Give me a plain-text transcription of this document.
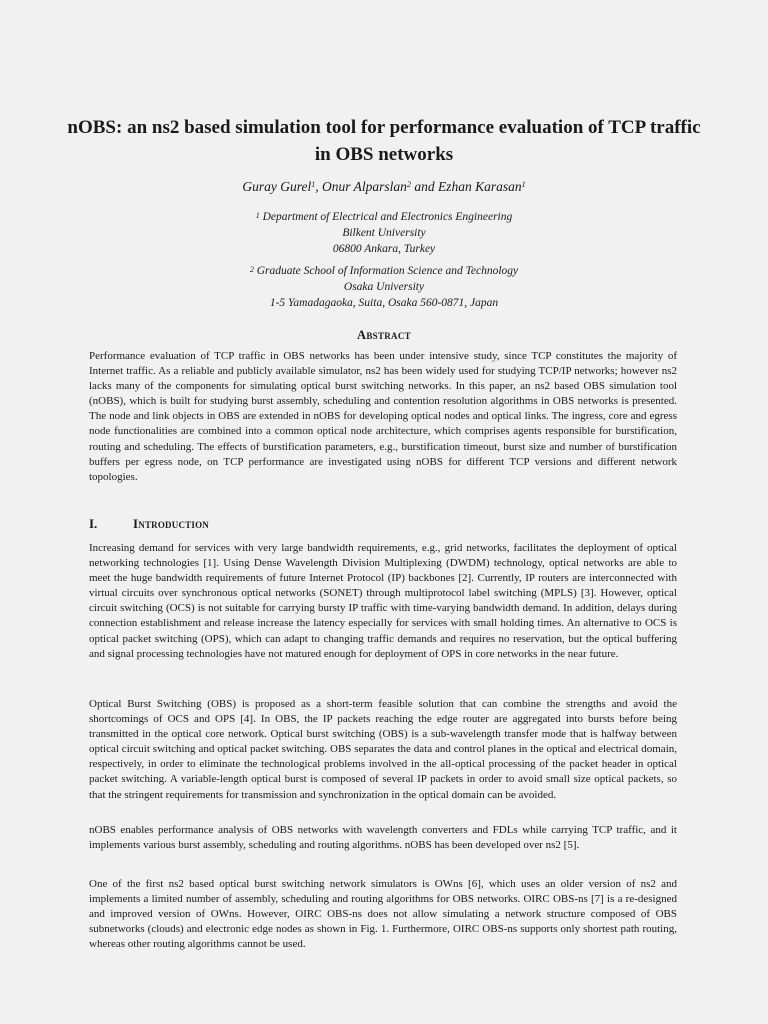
nOBS: an ns2 based simulation tool for performance evaluation of TCP traffic in OBS networks
Guray Gurel$^1$, Onur Alparslan$^2$ and Ezhan Karasan$^1$
$^1$ Department of Electrical and Electronics Engineering
Bilkent University
06800 Ankara, Turkey
$^2$ Graduate School of Information Science and Technology
Osaka University
1-5 Yamadagaoka, Suita, Osaka 560-0871, Japan
Abstract

Performance evaluation of TCP traffic in OBS networks has been under intensive study, since TCP constitutes the majority of Internet traffic. As a reliable and publicly available simulator, ns2 has been widely used for studying TCP/IP networks; however ns2 lacks many of the components for simulating optical burst switching networks. In this paper, an ns2 based OBS simulation tool (nOBS), which is built for studying burst assembly, scheduling and contention resolution algorithms in OBS networks is presented. The node and link objects in OBS are extended in nOBS for developing optical nodes and optical links. The ingress, core and egress node functionalities are combined into a common optical node architecture, which comprises agents responsible for burstification, routing and scheduling. The effects of burstification parameters, e.g., burstification timeout, burst size and number of burstification buffers per egress node, on TCP performance are investigated using nOBS for different TCP versions and different network topologies.

I.	Introduction

Increasing demand for services with very large bandwidth requirements, e.g., grid networks, facilitates the deployment of optical networking technologies [1]. Using Dense Wavelength Division Multiplexing (DWDM) technology, optical networks are able to meet the huge bandwidth requirements of future Internet Protocol (IP) backbones [2]. Currently, IP routers are interconnected with virtual circuits over synchronous optical networks (SONET) through multiprotocol label switching (MPLS) [3]. However, optical circuit switching (OCS) is not suitable for carrying bursty IP traffic with time-varying bandwidth demand. In addition, delays during connection establishment and release increase the latency especially for services with small holding times. An alternative to OCS is optical packet switching (OPS), which can adapt to changing traffic demands and requires no reservation, but the optical buffering and signal processing technologies have not matured enough for deployment of OPS in core networks in the near future.

Optical Burst Switching (OBS) is proposed as a short-term feasible solution that can combine the strengths and avoid the shortcomings of OCS and OPS [4]. In OBS, the IP packets reaching the edge router are aggregated into bursts before being transmitted in the optical core network. Optical burst switching (OBS) is a sub-wavelength transfer mode that is halfway between optical circuit switching and optical packet switching. OBS separates the data and control planes in the optical and electrical domain, respectively, in order to eliminate the technological problems involved in the all-optical processing of the packet header in optical packet switching. A variable-length optical burst is composed of several IP packets in order to avoid small size optical packets, so that the stringent requirements for transmission and synchronization in the optical domain can be avoided.

nOBS enables performance analysis of OBS networks with wavelength converters and FDLs while carrying TCP traffic, and it implements various burst assembly, scheduling and routing algorithms. nOBS has been developed over ns2 [5].

One of the first ns2 based optical burst switching network simulators is OWns [6], which uses an older version of ns2 and implements a limited number of assembly, scheduling and routing algorithms for OBS networks. OIRC OBS-ns [7] is a re-designed and improved version of OWns. However, OIRC OBS-ns does not allow simulating a network structure composed of OBS subnetworks (clouds) and electronic edge nodes as shown in Fig. 1. Furthermore, OIRC OBS-ns supports only shortest path routing, whereas other routing algorithms cannot be used.
